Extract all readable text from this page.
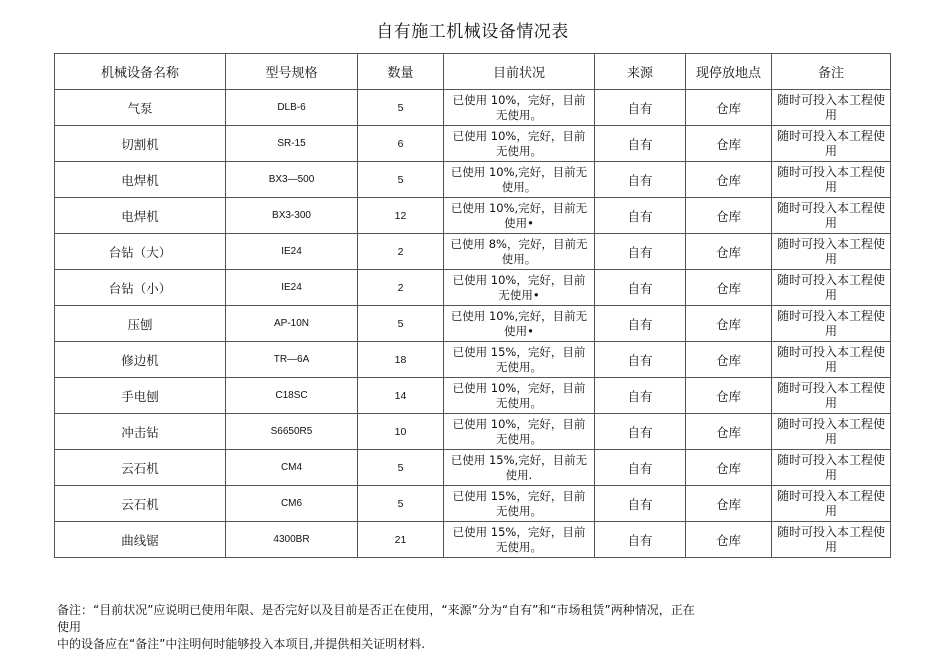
自有施工机械设备情况表
机械设备名称	型号规格	数量	目前状况	来源	现停放地点	备注
气泵	DLB-6	5	已使用 10%，完好，目前无使用。	自有	仓库	随时可投入本工程使用
切割机	SR-15	6	已使用 10%，完好，目前无使用。	自有	仓库	随时可投入本工程使用
电焊机	BX3—500	5	已使用 10%,完好，目前无使用。	自有	仓库	随时可投入本工程使用
电焊机	BX3-300	12	已使用 10%,完好，目前无使用•	自有	仓库	随时可投入本工程使用
台钻（大）	IE24	2	已使用 8%，完好，目前无使用。	自有	仓库	随时可投入本工程使用
台钻（小）	IE24	2	已使用 10%，完好，目前无使用•	自有	仓库	随时可投入本工程使用
压刨	AP-10N	5	已使用 10%,完好，目前无使用•	自有	仓库	随时可投入本工程使用
修边机	TR—6A	18	已使用 15%，完好，目前无使用。	自有	仓库	随时可投入本工程使用
手电刨	C18SC	14	已使用 10%，完好，目前无使用。	自有	仓库	随时可投入本工程使用
冲击钻	S6650R5	10	已使用 10%，完好，目前无使用。	自有	仓库	随时可投入本工程使用
云石机	CM4	5	已使用 15%,完好，目前无使用.	自有	仓库	随时可投入本工程使用
云石机	CM6	5	已使用 15%，完好，目前无使用。	自有	仓库	随时可投入本工程使用
曲线锯	4300BR	21	已使用 15%，完好，目前无使用。	自有	仓库	随时可投入本工程使用
备注：“目前状况”应说明已使用年限、是否完好以及目前是否正在使用，“来源”分为“自有”和“市场租赁”两种情况，正在
使用
中的设备应在“备注”中注明何时能够投入本项目,并提供相关证明材料.
